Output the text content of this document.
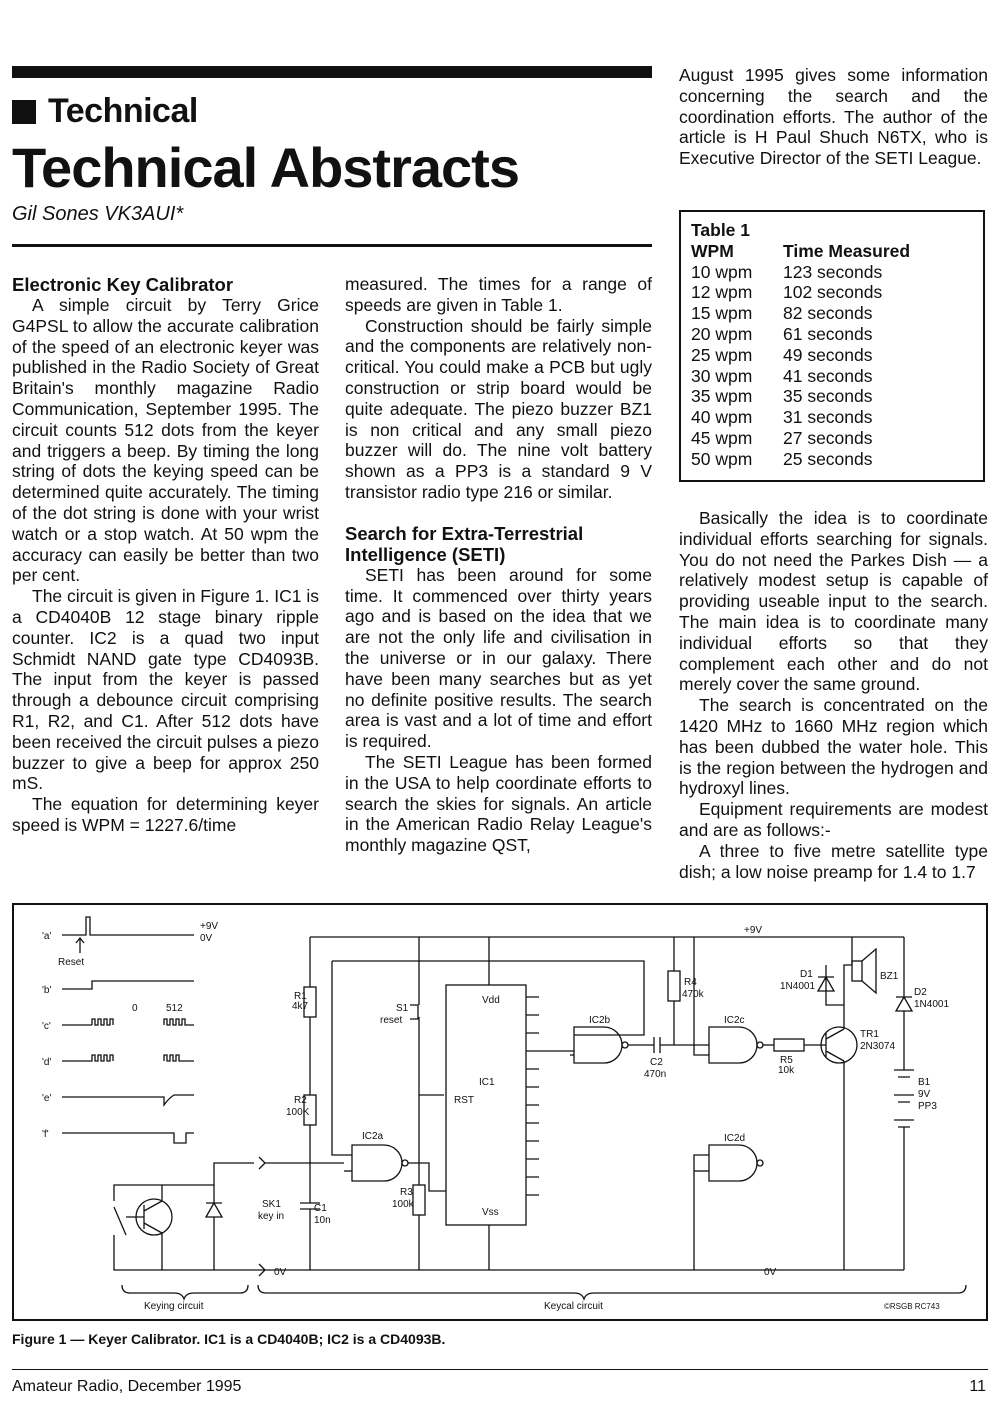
Technical
Technical Abstracts
Gil Sones VK3AUI*
Electronic Key Calibrator

A simple circuit by Terry Grice G4PSL to allow the accurate calibration of the speed of an electronic keyer was published in the Radio Society of Great Britain's monthly magazine Radio Communication, September 1995. The circuit counts 512 dots from the keyer and triggers a beep. By timing the long string of dots the keying speed can be determined quite accurately. The timing of the dot string is done with your wrist watch or a stop watch. At 50 wpm the accuracy can easily be better than two per cent.

The circuit is given in Figure 1. IC1 is a CD4040B 12 stage binary ripple counter. IC2 is a quad two input Schmidt NAND gate type CD4093B. The input from the keyer is passed through a debounce circuit comprising R1, R2, and C1. After 512 dots have been received the circuit pulses a piezo buzzer to give a beep for approx 250 mS.

The equation for determining keyer speed is WPM = 1227.6/time

measured. The times for a range of speeds are given in Table 1.

Construction should be fairly simple and the components are relatively non-critical. You could make a PCB but ugly construction or strip board would be quite adequate. The piezo buzzer BZ1 is non critical and any small piezo buzzer will do. The nine volt battery shown as a PP3 is a standard 9 V transistor radio type 216 or similar.

Search for Extra-Terrestrial Intelligence (SETI)

SETI has been around for some time. It commenced over thirty years ago and is based on the idea that we are not the only life and civilisation in the universe or in our galaxy. There have been many searches but as yet no definite positive results. The search area is vast and a lot of time and effort is required.

The SETI League has been formed in the USA to help coordinate efforts to search the skies for signals. An article in the American Radio Relay League's monthly magazine QST,

August 1995 gives some information concerning the search and the coordination efforts. The author of the article is H Paul Shuch N6TX, who is Executive Director of the SETI League.

Table 1
WPM	Time Measured
10 wpm	123 seconds
12 wpm	102 seconds
15 wpm	82 seconds
20 wpm	61 seconds
25 wpm	49 seconds
30 wpm	41 seconds
35 wpm	35 seconds
40 wpm	31 seconds
45 wpm	27 seconds
50 wpm	25 seconds

Basically the idea is to coordinate individual efforts searching for signals. You do not need the Parkes Dish — a relatively modest setup is capable of providing useable input to the search. The main idea is to coordinate many individual efforts so that they complement each other and do not merely cover the same ground.

The search is concentrated on the 1420 MHz to 1660 MHz region which has been dubbed the water hole. This is the region between the hydrogen and hydroxyl lines.

Equipment requirements are modest and are as follows:-

A three to five metre satellite type dish; a low noise preamp for 1.4 to 1.7

'a'
'b'
'c'
'd'
'e'
'f'
Reset
+9V
0V
0	512
R1
4k7
R2
100K
C1
10n
S1
reset
R3
100k
SK1
key in
0V	0V
+9V
Vdd
Vss
RST
IC1
IC2a
IC2b	IC2c
IC2d
C2
470n
R4
470k
R5
10k
D1
1N4001
D2
1N4001
BZ1
TR1
2N3074
B1
9V
PP3
Keying circuit	Keycal circuit	©RSGB RC743
Figure 1 — Keyer Calibrator. IC1 is a CD4040B; IC2 is a CD4093B.
Amateur Radio, December 1995	11
